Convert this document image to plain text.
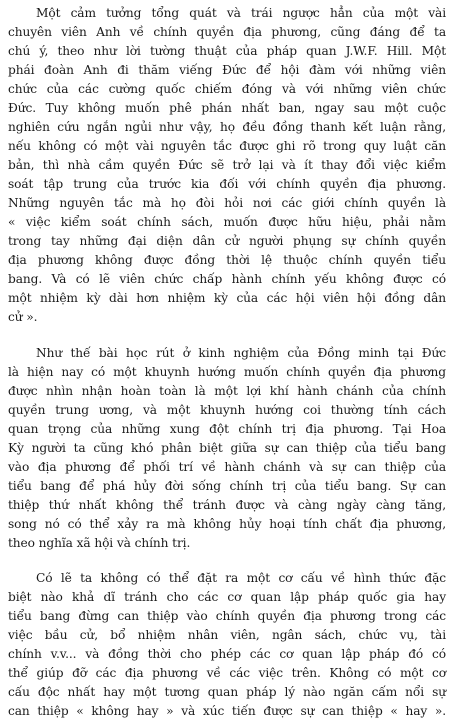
Một cảm tưởng tổng quát và trái ngược hẳn của một vài
chuyên viên Anh về chính quyền địa phương, cũng đáng để ta
chú ý, theo như lời tường thuật của pháp quan J.W.F. Hill. Một
phái đoàn Anh đi thăm viếng Đức để hội đàm với những viên
chức của các cường quốc chiếm đóng và với những viên chức
Đức. Tuy không muốn phê phán nhất ban, ngay sau một cuộc
nghiên cứu ngắn ngủi như vậy, họ đều đồng thanh kết luận rằng,
nếu không có một vài nguyên tắc được ghi rõ trong quy luật căn
bản, thì nhà cầm quyền Đức sẽ trở lại và ít thay đổi việc kiểm
soát tập trung của trước kia đối với chính quyền địa phương.
Những nguyên tắc mà họ đòi hỏi nơi các giới chính quyền là
« việc kiểm soát chính sách, muốn được hữu hiệu, phải nằm
trong tay những đại diện dân cử người phụng sự chính quyền
địa phương không được đồng thời lệ thuộc chính quyền tiểu
bang. Và có lẽ viên chức chấp hành chính yếu không được có
một nhiệm kỳ dài hơn nhiệm kỳ của các hội viên hội đồng dân
cử ».
Như thế bài học rút ở kinh nghiệm của Đồng minh tại Đức
là hiện nay có một khuynh hướng muốn chính quyền địa phương
được nhìn nhận hoàn toàn là một lợi khí hành chánh của chính
quyền trung ương, và một khuynh hướng coi thường tính cách
quan trọng của những xung đột chính trị địa phương. Tại Hoa
Kỳ người ta cũng khó phân biệt giữa sự can thiệp của tiểu bang
vào địa phương để phối trí về hành chánh và sự can thiệp của
tiểu bang để phá hủy đời sống chính trị của tiểu bang. Sự can
thiệp thứ nhất không thể tránh được và càng ngày càng tăng,
song nó có thể xảy ra mà không hủy hoại tính chất địa phương,
theo nghĩa xã hội và chính trị.
Có lẽ ta không có thể đặt ra một cơ cấu về hình thức đặc
biệt nào khả dĩ tránh cho các cơ quan lập pháp quốc gia hay
tiểu bang đừng can thiệp vào chính quyền địa phương trong các
việc bầu cử, bổ nhiệm nhân viên, ngân sách, chức vụ, tài
chính v.v... và đồng thời cho phép các cơ quan lập pháp đó có
thể giúp đỡ các địa phương về các việc trên. Không có một cơ
cấu độc nhất hay một tương quan pháp lý nào ngăn cấm nổi sự
can thiệp « không hay » và xúc tiến được sự can thiệp « hay ».
